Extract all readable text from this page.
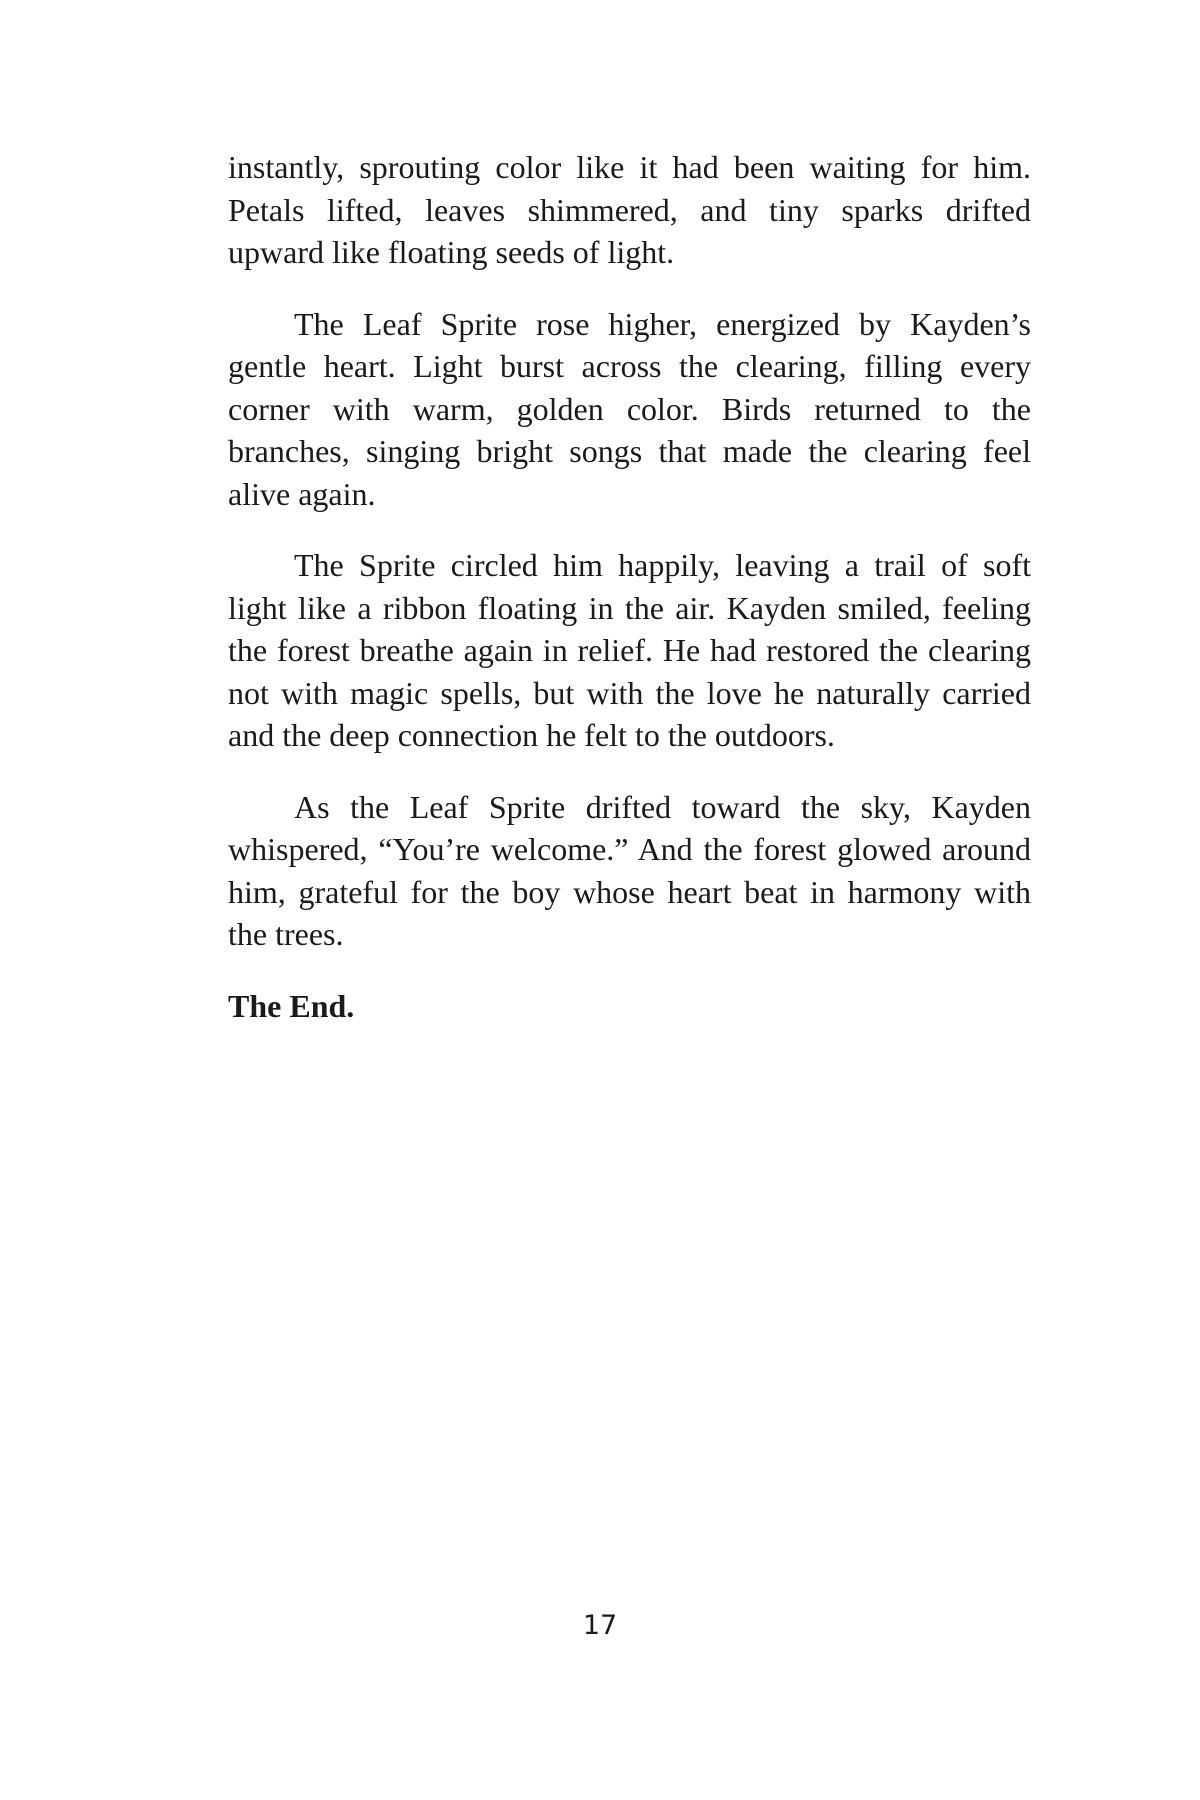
instantly, sprouting color like it had been waiting for him. Petals lifted, leaves shimmered, and tiny sparks drifted upward like floating seeds of light.

The Leaf Sprite rose higher, energized by Kayden’s gentle heart. Light burst across the clearing, filling every corner with warm, golden color. Birds returned to the branches, singing bright songs that made the clearing feel alive again.

The Sprite circled him happily, leaving a trail of soft light like a ribbon floating in the air. Kayden smiled, feeling the forest breathe again in relief. He had restored the clearing not with magic spells, but with the love he naturally carried and the deep connection he felt to the outdoors.

As the Leaf Sprite drifted toward the sky, Kayden whispered, “You’re welcome.” And the forest glowed around him, grateful for the boy whose heart beat in harmony with the trees.

The End.

17
